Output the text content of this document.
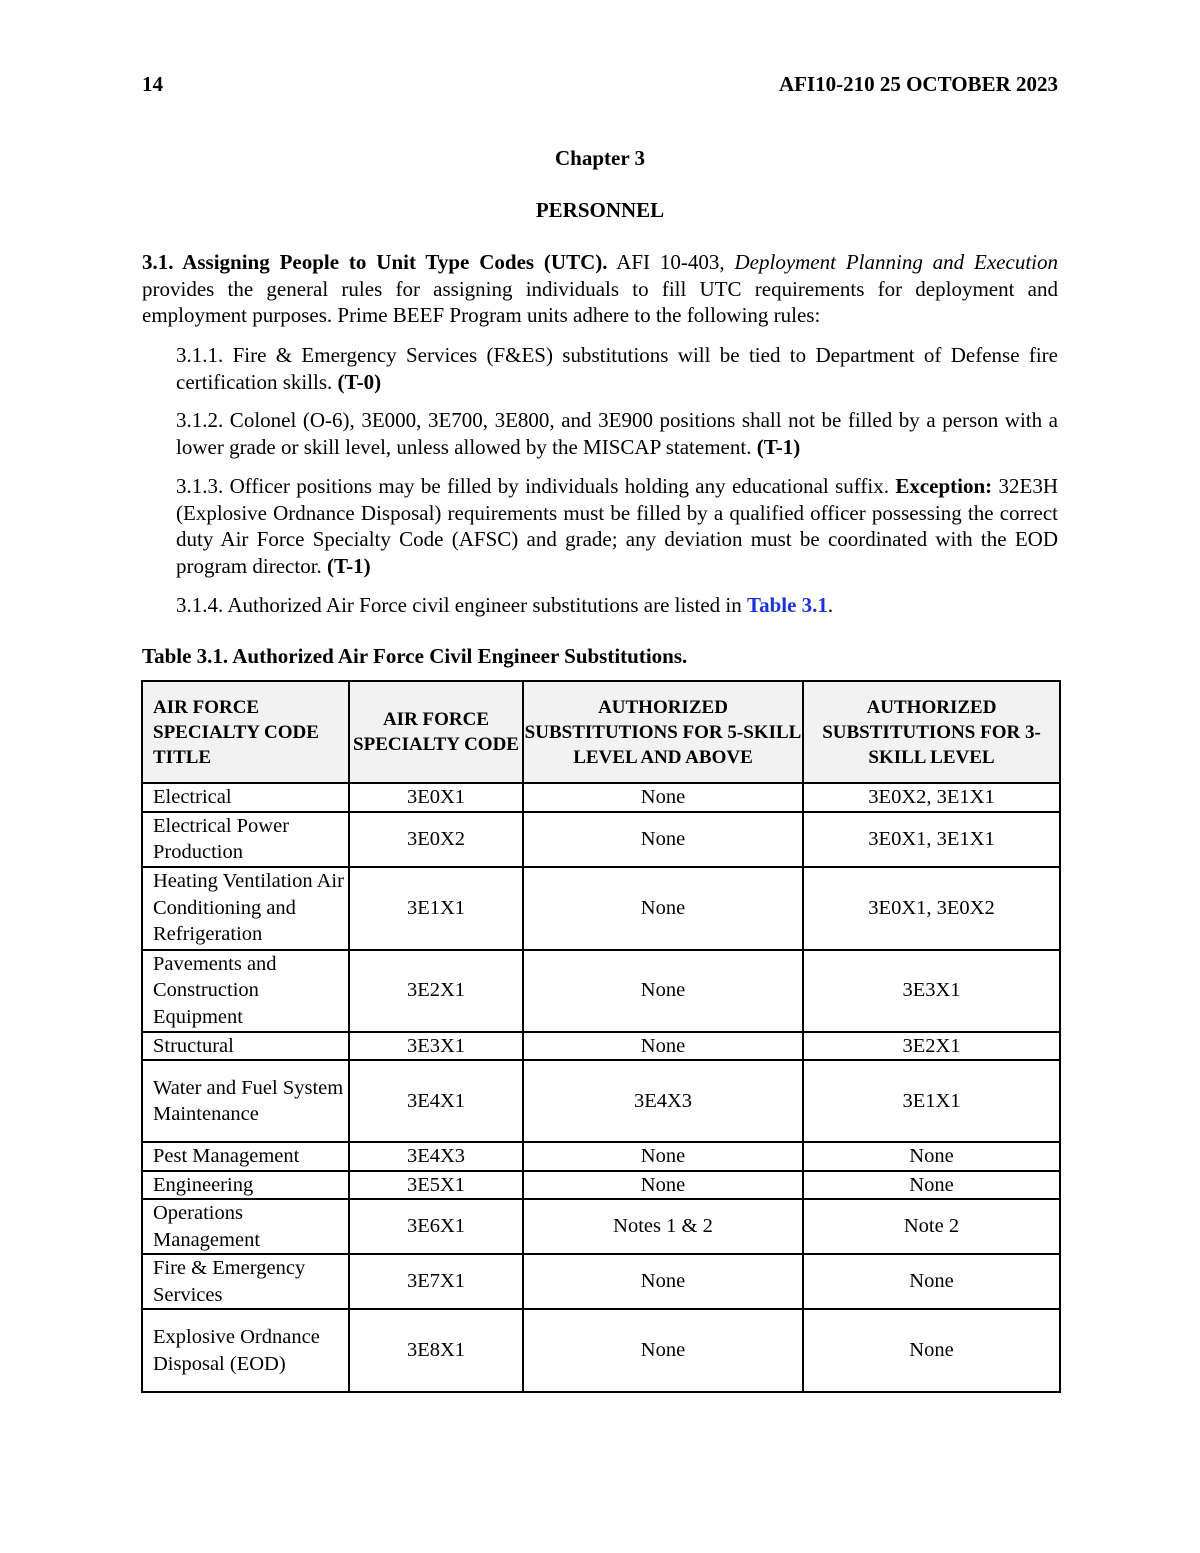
14	AFI10-210 25 OCTOBER 2023
Chapter 3
PERSONNEL
3.1. Assigning People to Unit Type Codes (UTC). AFI 10-403, Deployment Planning and Execution provides the general rules for assigning individuals to fill UTC requirements for deployment and employment purposes. Prime BEEF Program units adhere to the following rules:
3.1.1. Fire & Emergency Services (F&ES) substitutions will be tied to Department of Defense fire certification skills. (T-0)
3.1.2. Colonel (O-6), 3E000, 3E700, 3E800, and 3E900 positions shall not be filled by a person with a lower grade or skill level, unless allowed by the MISCAP statement. (T-1)
3.1.3. Officer positions may be filled by individuals holding any educational suffix. Exception: 32E3H (Explosive Ordnance Disposal) requirements must be filled by a qualified officer possessing the correct duty Air Force Specialty Code (AFSC) and grade; any deviation must be coordinated with the EOD program director. (T-1)
3.1.4. Authorized Air Force civil engineer substitutions are listed in Table 3.1.
Table 3.1. Authorized Air Force Civil Engineer Substitutions.
AIR FORCE SPECIALTY CODE TITLE	AIR FORCE SPECIALTY CODE	AUTHORIZED SUBSTITUTIONS FOR 5-SKILL LEVEL AND ABOVE	AUTHORIZED SUBSTITUTIONS FOR 3-SKILL LEVEL
Electrical	3E0X1	None	3E0X2, 3E1X1
Electrical Power Production	3E0X2	None	3E0X1, 3E1X1
Heating Ventilation Air Conditioning and Refrigeration	3E1X1	None	3E0X1, 3E0X2
Pavements and Construction Equipment	3E2X1	None	3E3X1
Structural	3E3X1	None	3E2X1
Water and Fuel System Maintenance	3E4X1	3E4X3	3E1X1
Pest Management	3E4X3	None	None
Engineering	3E5X1	None	None
Operations Management	3E6X1	Notes 1 & 2	Note 2
Fire & Emergency Services	3E7X1	None	None
Explosive Ordnance Disposal (EOD)	3E8X1	None	None
